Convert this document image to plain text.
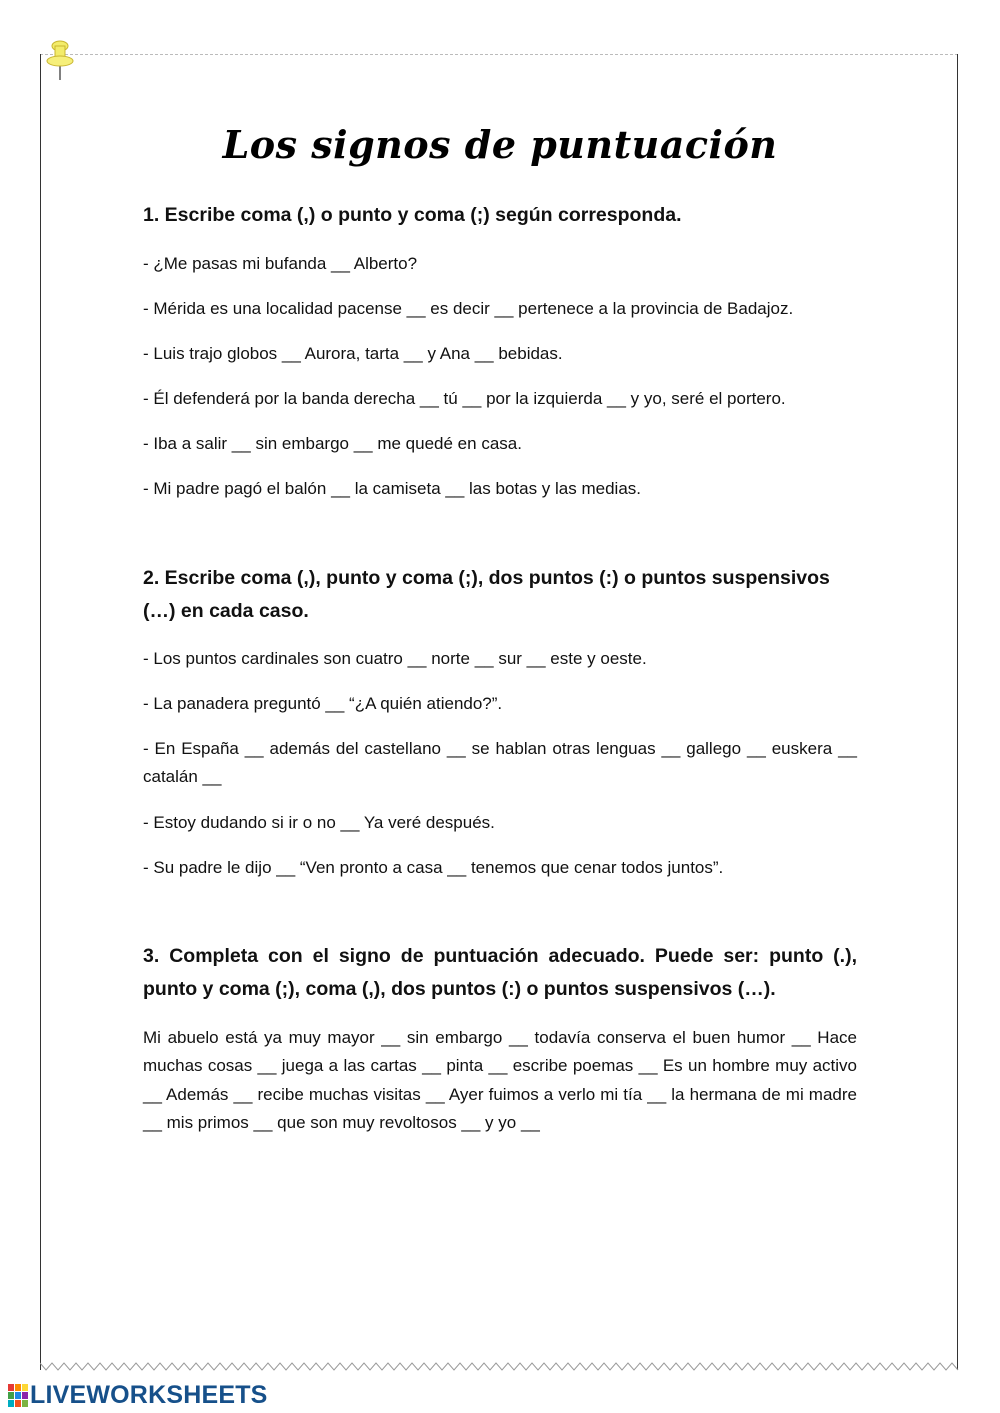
Los signos de puntuación

1. Escribe coma (,) o punto y coma (;) según corresponda.

- ¿Me pasas mi bufanda __ Alberto?

- Mérida es una localidad pacense __ es decir __ pertenece a la provincia de Badajoz.

- Luis trajo globos __ Aurora, tarta __ y Ana __ bebidas.

- Él defenderá por la banda derecha __ tú __ por la izquierda __ y yo, seré el portero.

- Iba a salir __ sin embargo __ me quedé en casa.

- Mi padre pagó el balón __ la camiseta __ las botas y las medias.

2. Escribe coma (,), punto y coma (;), dos puntos (:) o puntos suspensivos (…) en cada caso.

- Los puntos cardinales son cuatro __ norte __ sur __ este y oeste.

- La panadera preguntó __ “¿A quién atiendo?”.

- En España __ además del castellano __ se hablan otras lenguas __ gallego __ euskera __ catalán __

- Estoy dudando si ir o no __ Ya veré después.

- Su padre le dijo __ “Ven pronto a casa __ tenemos que cenar todos juntos”.

3. Completa con el signo de puntuación adecuado. Puede ser: punto (.), punto y coma (;), coma (,), dos puntos (:) o puntos suspensivos (…).

Mi abuelo está ya muy mayor __ sin embargo __ todavía conserva el buen humor __ Hace muchas cosas __ juega a las cartas __ pinta __ escribe poemas __ Es un hombre muy activo __ Además __ recibe muchas visitas __ Ayer fuimos a verlo mi tía __ la hermana de mi madre __ mis primos __ que son muy revoltosos __ y yo __

LIVEWORKSHEETS
